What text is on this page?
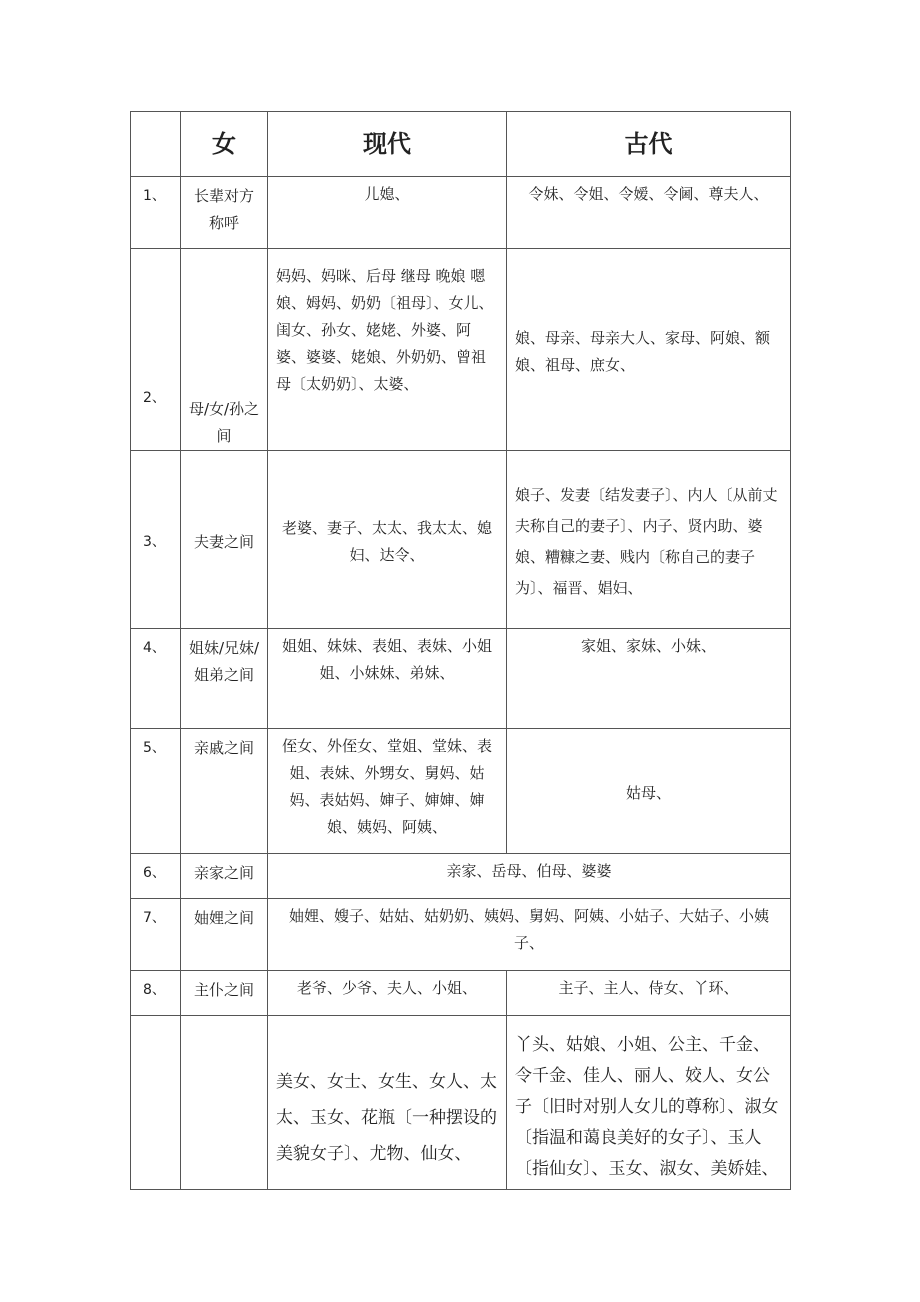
	女	现代	古代
1、	长辈对方称呼	儿媳、	令妹、令姐、令嫒、令阃、尊夫人、
2、	母/女/孙之间	妈妈、妈咪、后母 继母 晚娘 嗯娘、姆妈、奶奶〔祖母〕、女儿、闺女、孙女、姥姥、外婆、阿婆、婆婆、姥娘、外奶奶、曾祖母〔太奶奶〕、太婆、	娘、母亲、母亲大人、家母、阿娘、额娘、祖母、庶女、
3、	夫妻之间	老婆、妻子、太太、我太太、媳妇、达令、	娘子、发妻〔结发妻子〕、内人〔从前丈夫称自己的妻子〕、内子、贤内助、婆娘、糟糠之妻、贱内〔称自己的妻子为〕、福晋、娼妇、
4、	姐妹/兄妹/姐弟之间	姐姐、妹妹、表姐、表妹、小姐姐、小妹妹、弟妹、	家姐、家妹、小妹、
5、	亲戚之间	侄女、外侄女、堂姐、堂妹、表姐、表妹、外甥女、舅妈、姑妈、表姑妈、婶子、婶婶、婶娘、姨妈、阿姨、	姑母、
6、	亲家之间	亲家、岳母、伯母、婆婆	
7、	妯娌之间	妯娌、嫂子、姑姑、姑奶奶、姨妈、舅妈、阿姨、小姑子、大姑子、小姨子、	
8、	主仆之间	老爷、少爷、夫人、小姐、	主子、主人、侍女、丫环、
		美女、女士、女生、女人、太太、玉女、花瓶〔一种摆设的美貌女子〕、尤物、仙女、	丫头、姑娘、小姐、公主、千金、令千金、佳人、丽人、姣人、女公子〔旧时对别人女儿的尊称〕、淑女〔指温和蔼良美好的女子〕、玉人〔指仙女〕、玉女、淑女、美娇娃、
